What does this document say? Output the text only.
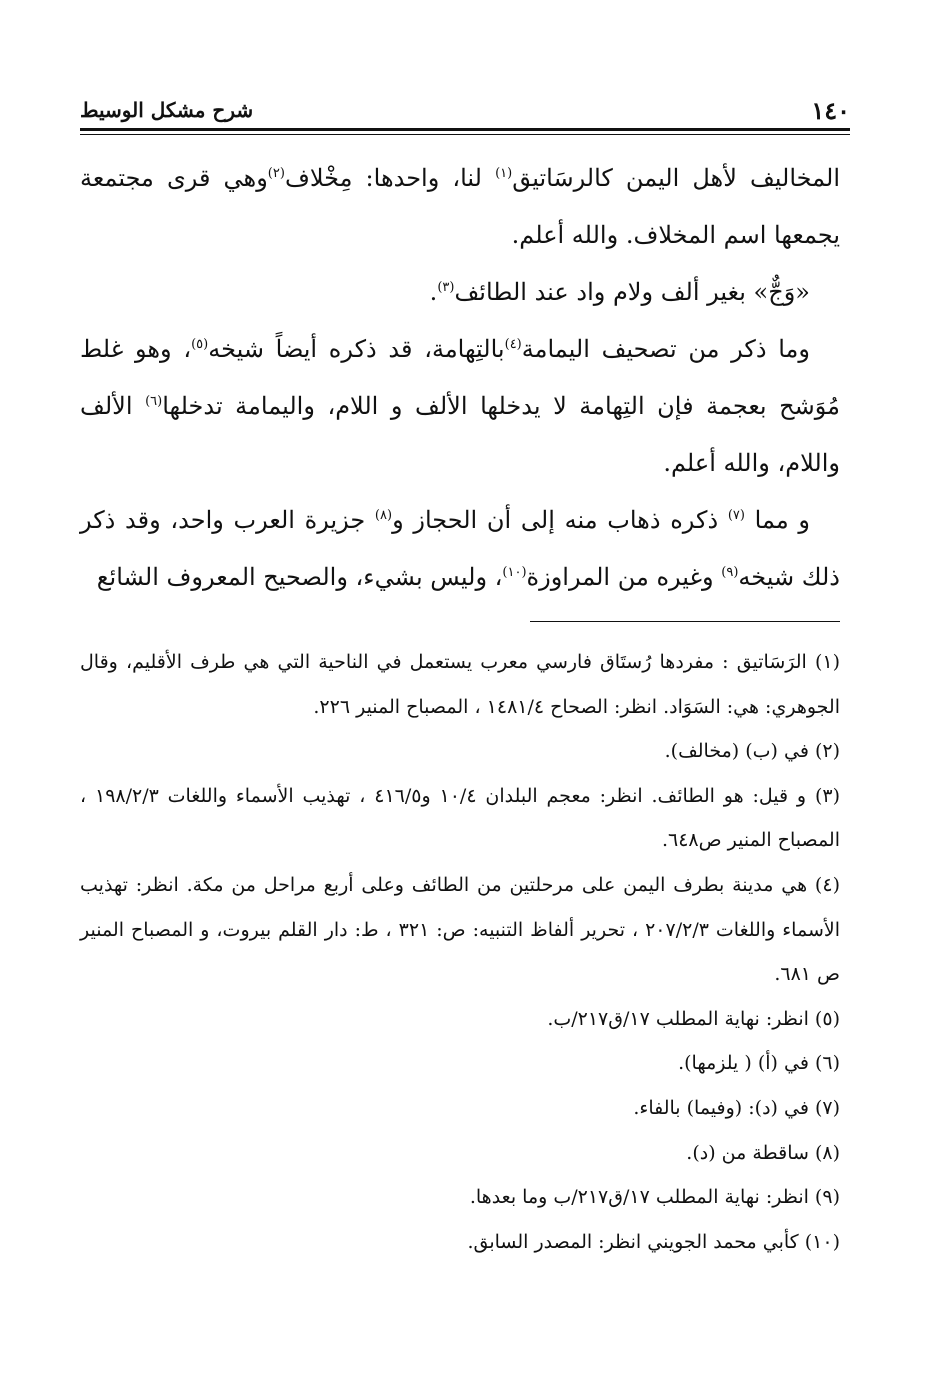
١٤٠
شرح مشكل الوسيط

المخاليف لأهل اليمن كالرسَاتيق$^{(١)}$ لنا، واحدها: مِخْلاف$^{(٢)}$وهي قرى مجتمعة يجمعها اسم المخلاف. والله أعلم.

«وَجٌّ» بغير ألف ولام واد عند الطائف$^{(٣)}$.

وما ذكر من تصحيف اليمامة$^{(٤)}$بالتِهامة، قد ذكره أيضاً شيخه$^{(٥)}$، وهو غلط مُوَشح بعجمة فإن التِهامة لا يدخلها الألف و اللام، واليمامة تدخلها$^{(٦)}$ الألف واللام، والله أعلم.

و مما $^{(٧)}$ ذكره ذهاب منه إلى أن الحجاز و$^{(٨)}$ جزيرة العرب واحد، وقد ذكر ذلك شيخه$^{(٩)}$ وغيره من المراوزة$^{(١٠)}$، وليس بشيء، والصحيح المعروف الشائع

(١) الرَسَاتيق : مفردها رُستَاق فارسي معرب يستعمل في الناحية التي هي طرف الأقليم، وقال الجوهري: هي: السَوَاد. انظر: الصحاح ١٤٨١/٤ ، المصباح المنير ٢٢٦.

(٢) في (ب) (مخالف).

(٣) و قيل: هو الطائف. انظر: معجم البلدان ١٠/٤ و٤١٦/٥ ، تهذيب الأسماء واللغات ١٩٨/٢/٣ ، المصباح المنير ص٦٤٨.

(٤) هي مدينة بطرف اليمن على مرحلتين من الطائف وعلى أربع مراحل من مكة. انظر: تهذيب الأسماء واللغات ٢٠٧/٢/٣ ، تحرير ألفاظ التنبيه: ص: ٣٢١ ، ط: دار القلم بيروت، و المصباح المنير ص ٦٨١.

(٥) انظر: نهاية المطلب ١٧/ق٢١٧/ب.

(٦) في (أ) ( يلزمها).

(٧) في (د): (وفيما) بالفاء.

(٨) ساقطة من (د).

(٩) انظر: نهاية المطلب ١٧/ق٢١٧/ب وما بعدها.

(١٠) كأبي محمد الجويني انظر: المصدر السابق.
